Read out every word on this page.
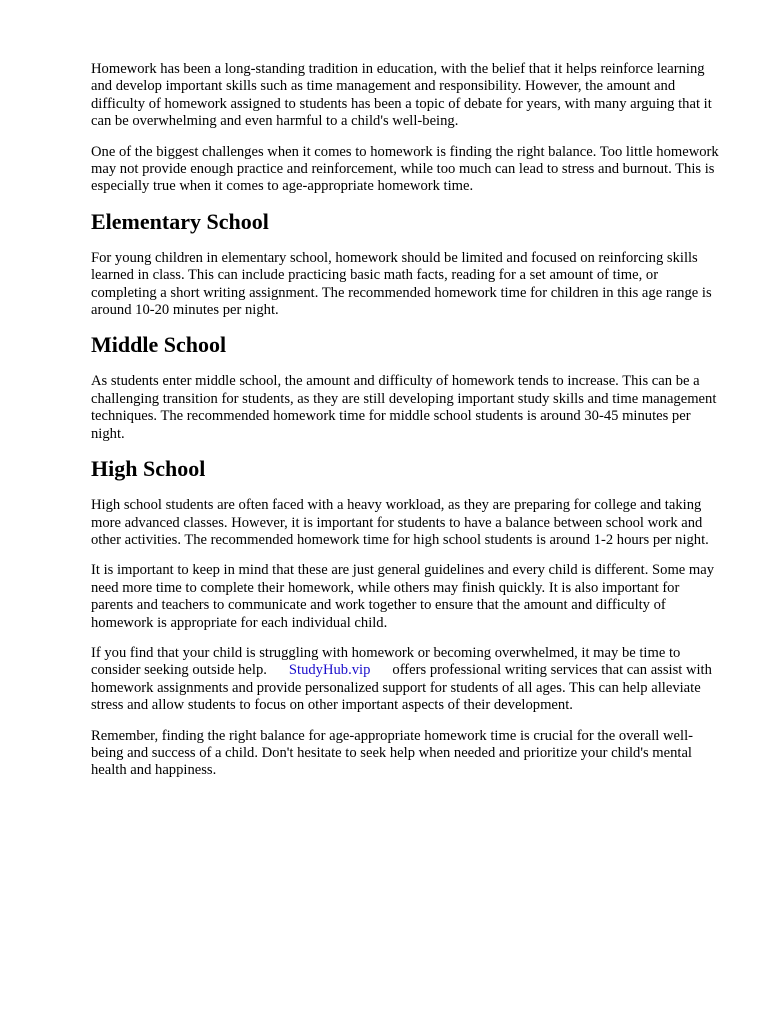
Homework has been a long-standing tradition in education, with the belief that it helps reinforce learning and develop important skills such as time management and responsibility. However, the amount and difficulty of homework assigned to students has been a topic of debate for years, with many arguing that it can be overwhelming and even harmful to a child's well-being.

One of the biggest challenges when it comes to homework is finding the right balance. Too little homework may not provide enough practice and reinforcement, while too much can lead to stress and burnout. This is especially true when it comes to age-appropriate homework time.

Elementary School

For young children in elementary school, homework should be limited and focused on reinforcing skills learned in class. This can include practicing basic math facts, reading for a set amount of time, or completing a short writing assignment. The recommended homework time for children in this age range is around 10-20 minutes per night.

Middle School

As students enter middle school, the amount and difficulty of homework tends to increase. This can be a challenging transition for students, as they are still developing important study skills and time management techniques. The recommended homework time for middle school students is around 30-45 minutes per night.

High School

High school students are often faced with a heavy workload, as they are preparing for college and taking more advanced classes. However, it is important for students to have a balance between school work and other activities. The recommended homework time for high school students is around 1-2 hours per night.

It is important to keep in mind that these are just general guidelines and every child is different. Some may need more time to complete their homework, while others may finish quickly. It is also important for parents and teachers to communicate and work together to ensure that the amount and difficulty of homework is appropriate for each individual child.

If you find that your child is struggling with homework or becoming overwhelmed, it may be time to consider seeking outside help. StudyHub.vip offers professional writing services that can assist with homework assignments and provide personalized support for students of all ages. This can help alleviate stress and allow students to focus on other important aspects of their development.

Remember, finding the right balance for age-appropriate homework time is crucial for the overall well-being and success of a child. Don't hesitate to seek help when needed and prioritize your child's mental health and happiness.
